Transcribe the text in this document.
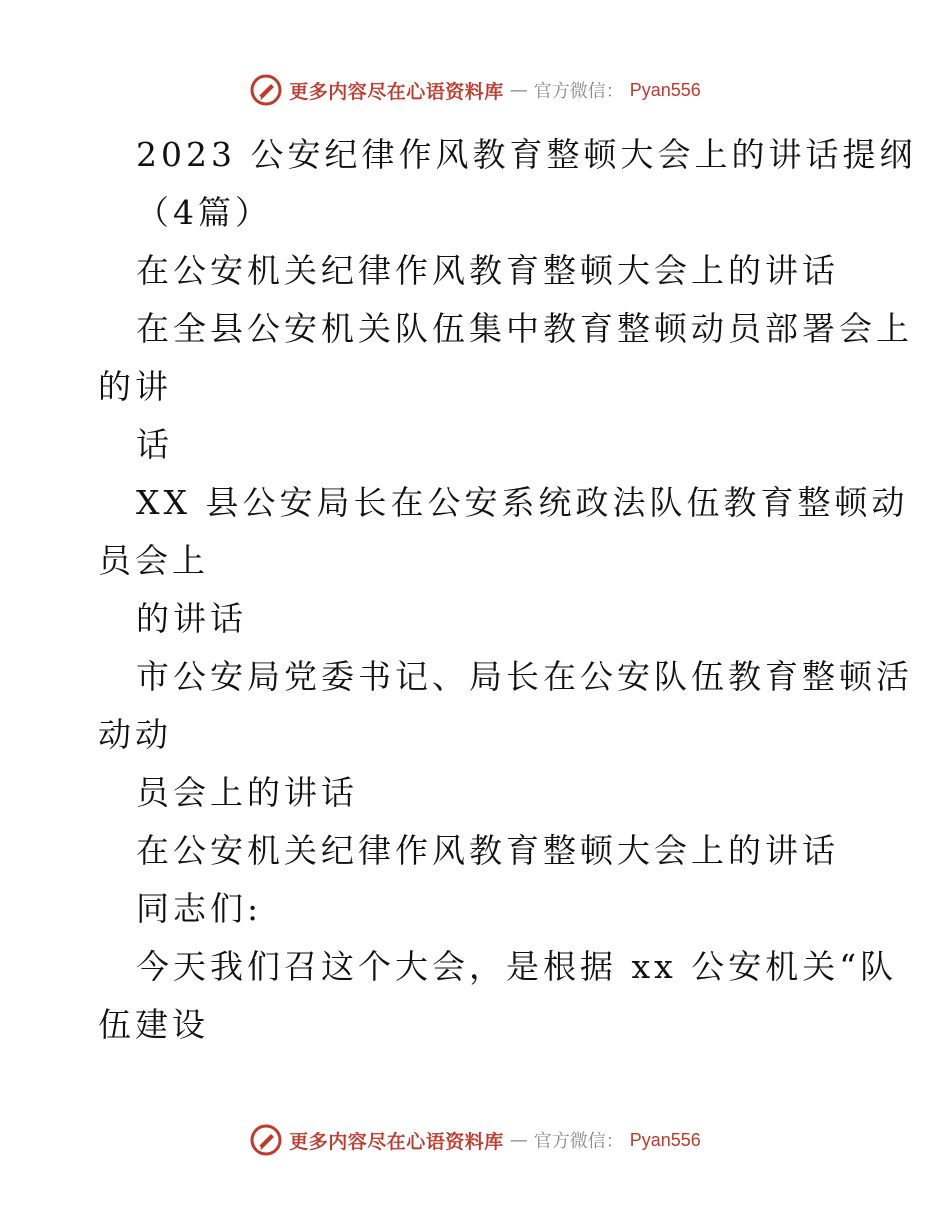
更多内容尽在心语资料库 — 官方微信： Pyan556
2023 公安纪律作风教育整顿大会上的讲话提纲
（4篇）
在公安机关纪律作风教育整顿大会上的讲话
在全县公安机关队伍集中教育整顿动员部署会上
的讲
话
XX 县公安局长在公安系统政法队伍教育整顿动
员会上
的讲话
市公安局党委书记、局长在公安队伍教育整顿活
动动
员会上的讲话
在公安机关纪律作风教育整顿大会上的讲话
同志们:
今天我们召这个大会，是根据 xx 公安机关“队
伍建设
更多内容尽在心语资料库 — 官方微信： Pyan556
